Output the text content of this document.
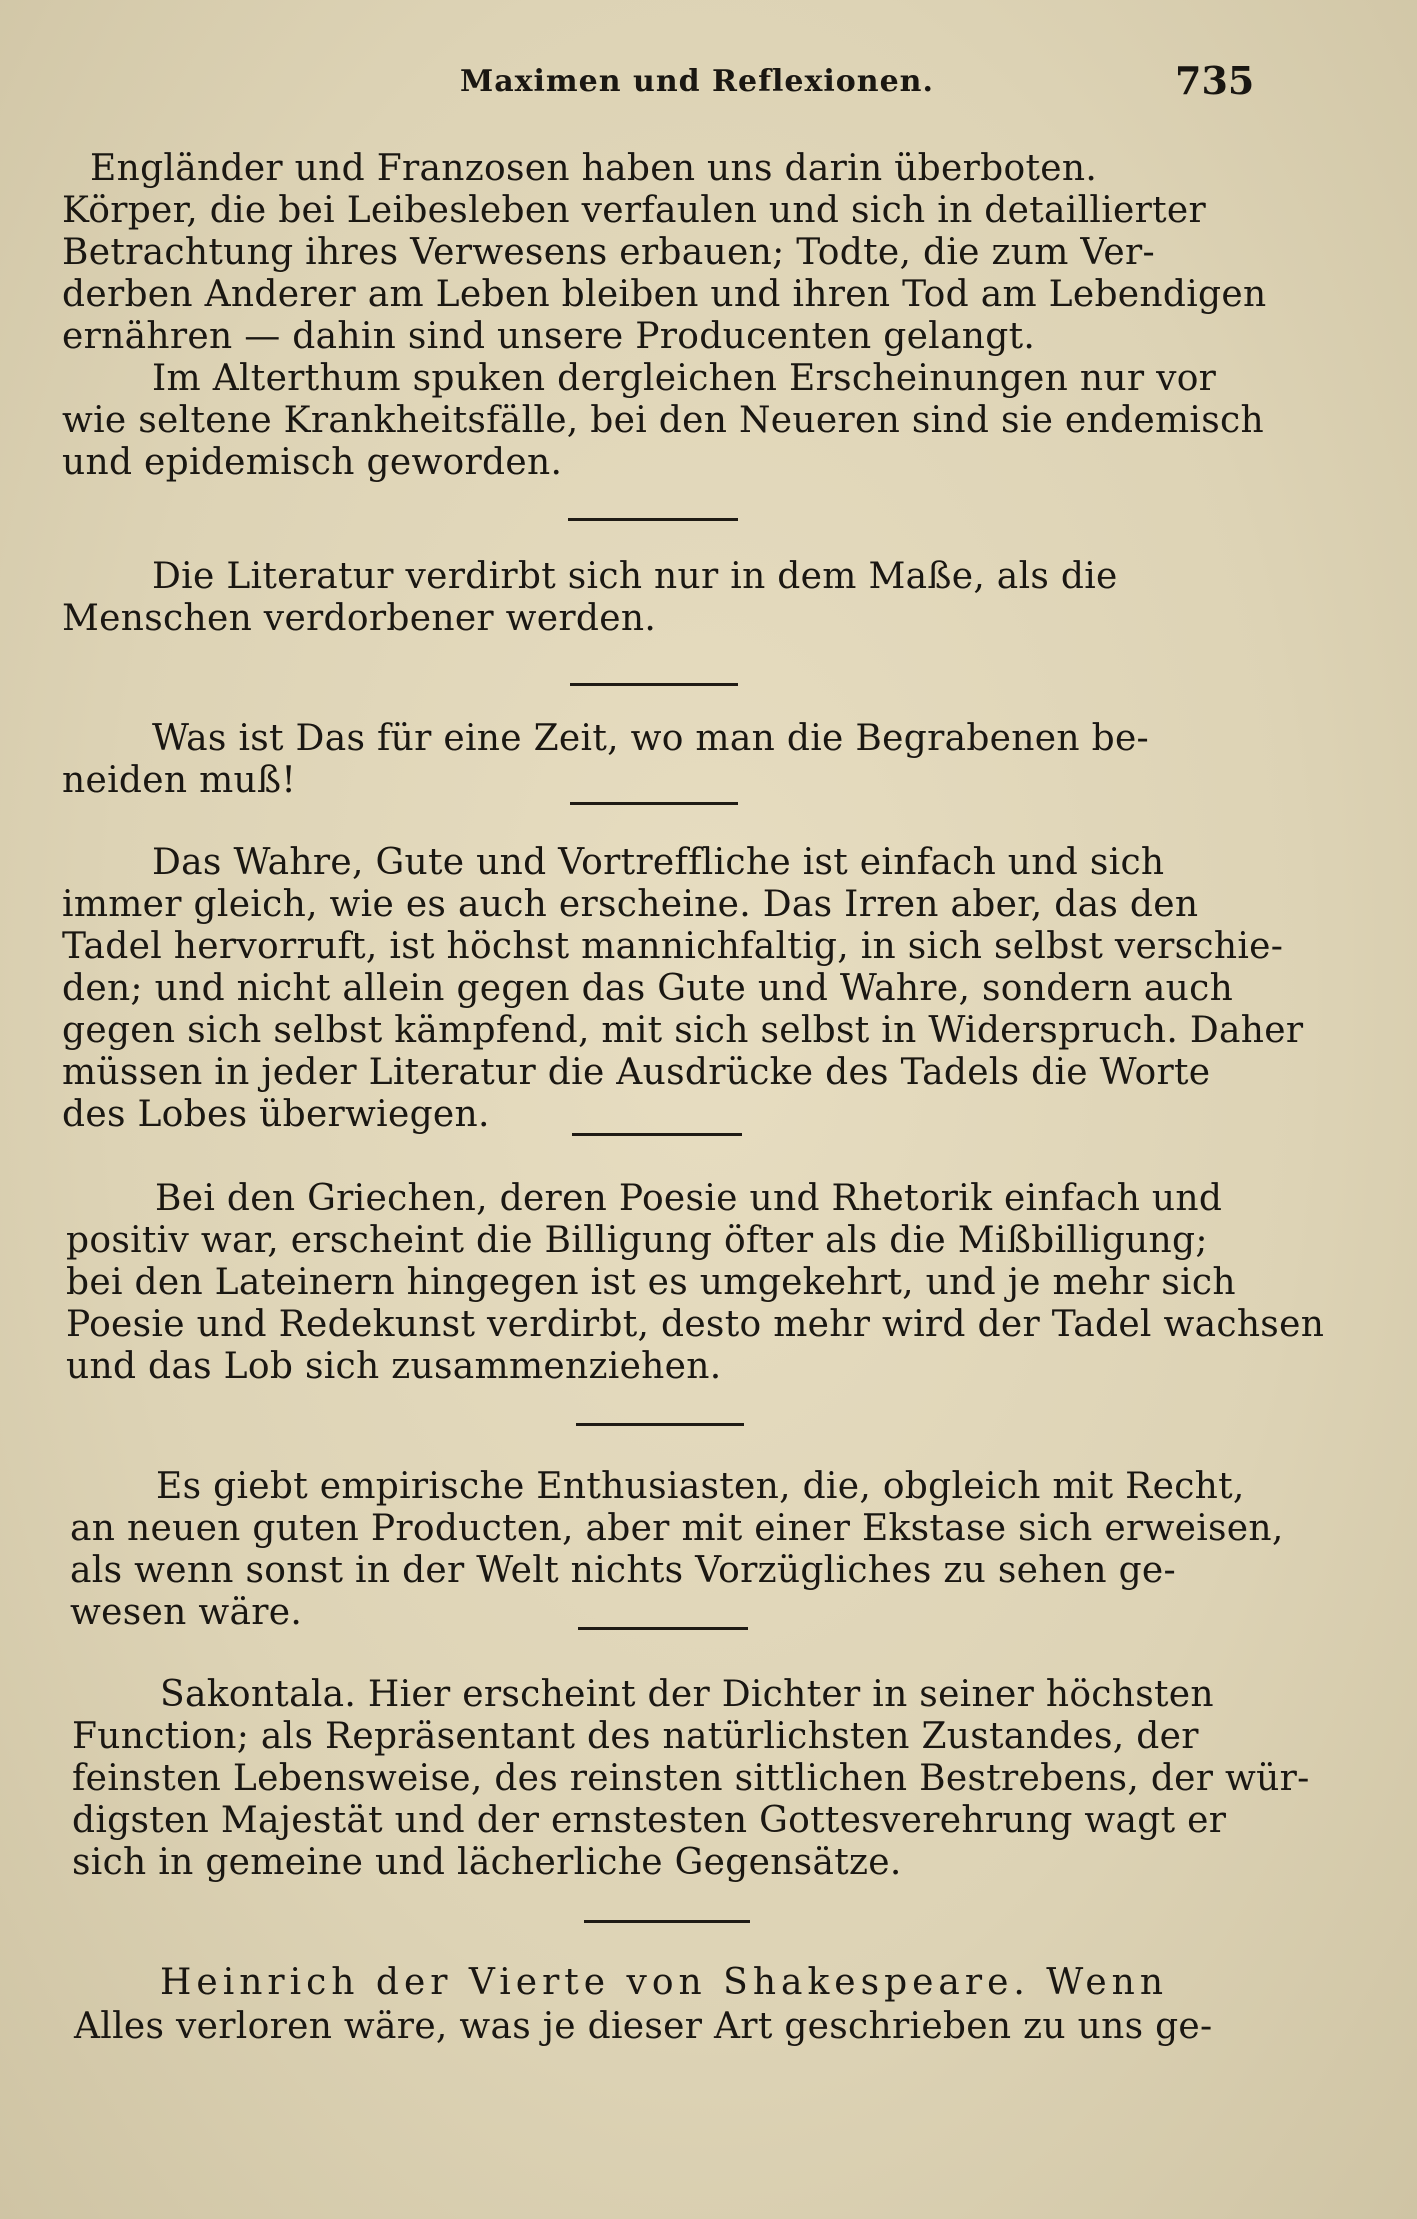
Maximen und Reflexionen.	735
Engländer und Franzosen haben uns darin überboten.
Körper, die bei Leibesleben verfaulen und sich in detaillierter
Betrachtung ihres Verwesens erbauen; Todte, die zum Ver-
derben Anderer am Leben bleiben und ihren Tod am Lebendigen
ernähren — dahin sind unsere Producenten gelangt.
Im Alterthum spuken dergleichen Erscheinungen nur vor
wie seltene Krankheitsfälle, bei den Neueren sind sie endemisch
und epidemisch geworden.
Die Literatur verdirbt sich nur in dem Maße, als die
Menschen verdorbener werden.
Was ist Das für eine Zeit, wo man die Begrabenen be-
neiden muß!
Das Wahre, Gute und Vortreffliche ist einfach und sich
immer gleich, wie es auch erscheine. Das Irren aber, das den
Tadel hervorruft, ist höchst mannichfaltig, in sich selbst verschie-
den; und nicht allein gegen das Gute und Wahre, sondern auch
gegen sich selbst kämpfend, mit sich selbst in Widerspruch. Daher
müssen in jeder Literatur die Ausdrücke des Tadels die Worte
des Lobes überwiegen.
Bei den Griechen, deren Poesie und Rhetorik einfach und
positiv war, erscheint die Billigung öfter als die Mißbilligung;
bei den Lateinern hingegen ist es umgekehrt, und je mehr sich
Poesie und Redekunst verdirbt, desto mehr wird der Tadel wachsen
und das Lob sich zusammenziehen.
Es giebt empirische Enthusiasten, die, obgleich mit Recht,
an neuen guten Producten, aber mit einer Ekstase sich erweisen,
als wenn sonst in der Welt nichts Vorzügliches zu sehen ge-
wesen wäre.
Sakontala. Hier erscheint der Dichter in seiner höchsten
Function; als Repräsentant des natürlichsten Zustandes, der
feinsten Lebensweise, des reinsten sittlichen Bestrebens, der wür-
digsten Majestät und der ernstesten Gottesverehrung wagt er
sich in gemeine und lächerliche Gegensätze.
Heinrich der Vierte von Shakespeare. Wenn
Alles verloren wäre, was je dieser Art geschrieben zu uns ge-
